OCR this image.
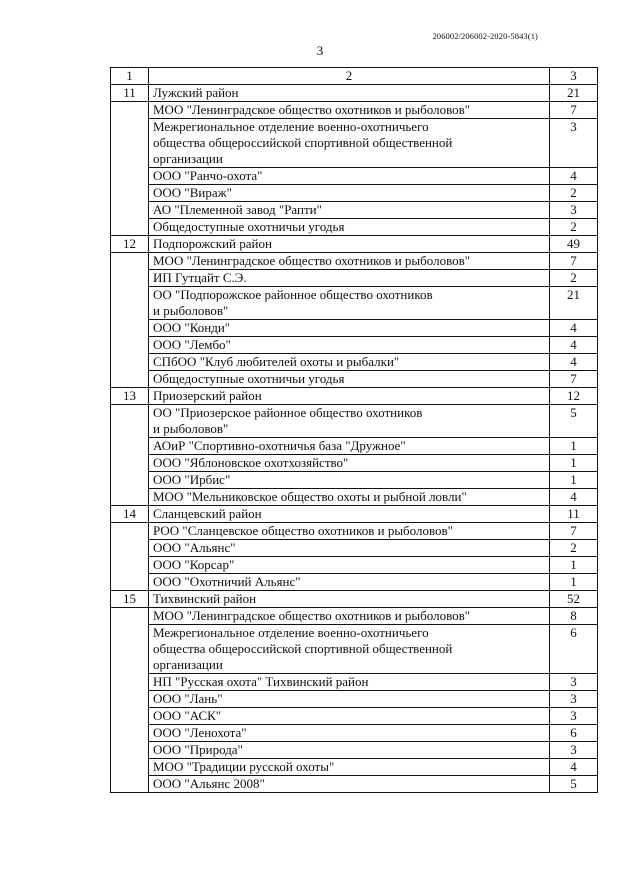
206002/206002-2020-5843(1)
3
1	2	3
11	Лужский район	21
	МОО "Ленинградское общество охотников и рыболовов"	7
	Межрегиональное отделение военно-охотничьего
общества общероссийской спортивной общественной
организации	3
	ООО "Ранчо-охота"	4
	ООО "Вираж"	2
	АО "Племенной завод "Рапти"	3
	Общедоступные охотничьи угодья	2
12	Подпорожский район	49
	МОО "Ленинградское общество охотников и рыболовов"	7
	ИП Гутцайт С.Э.	2
	ОО "Подпорожское районное общество охотников
и рыболовов"	21
	ООО "Конди"	4
	ООО "Лембо"	4
	СПбОО "Клуб любителей охоты и рыбалки"	4
	Общедоступные охотничьи угодья	7
13	Приозерский район	12
	ОО "Приозерское районное общество охотников
и рыболовов"	5
	АОиР "Спортивно-охотничья база "Дружное"	1
	ООО "Яблоновское охотхозяйство"	1
	ООО "Ирбис"	1
	МОО "Мельниковское общество охоты и рыбной ловли"	4
14	Сланцевский район	11
	РОО "Сланцевское общество охотников и рыболовов"	7
	ООО "Альянс"	2
	ООО "Корсар"	1
	ООО "Охотничий Альянс"	1
15	Тихвинский район	52
	МОО "Ленинградское общество охотников и рыболовов"	8
	Межрегиональное отделение военно-охотничьего
общества общероссийской спортивной общественной
организации	6
	НП "Русская охота" Тихвинский район	3
	ООО "Лань"	3
	ООО "АСК"	3
	ООО "Ленохота"	6
	ООО "Природа"	3
	МОО "Традиции русской охоты"	4
	ООО "Альянс 2008"	5
